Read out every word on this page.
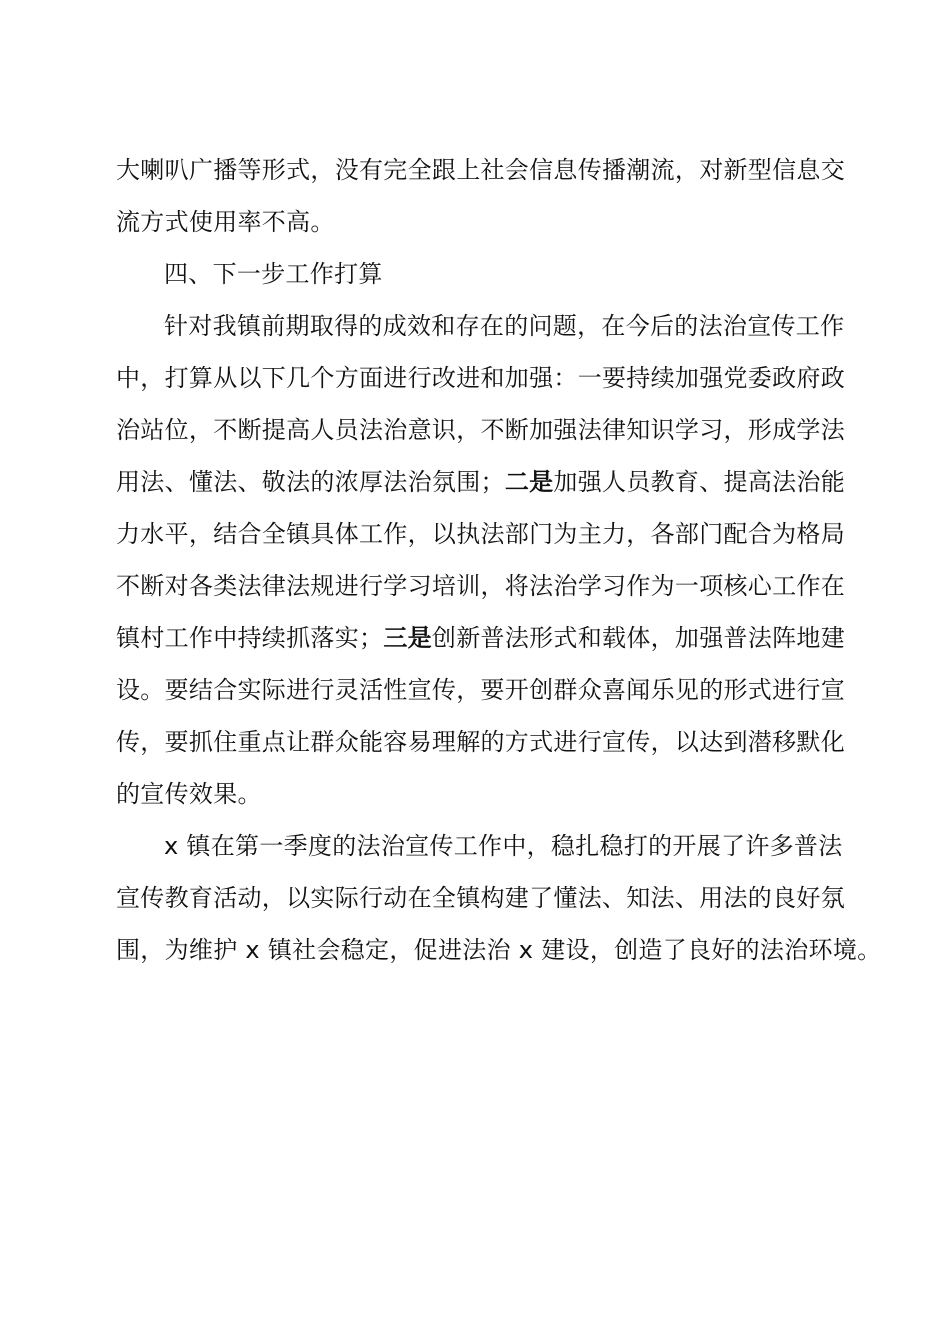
大喇叭广播等形式，没有完全跟上社会信息传播潮流，对新型信息交
流方式使用率不高。
四、下一步工作打算
针对我镇前期取得的成效和存在的问题，在今后的法治宣传工作
中，打算从以下几个方面进行改进和加强：一要持续加强党委政府政
治站位，不断提高人员法治意识，不断加强法律知识学习，形成学法
用法、懂法、敬法的浓厚法治氛围；二是加强人员教育、提高法治能
力水平，结合全镇具体工作，以执法部门为主力，各部门配合为格局
不断对各类法律法规进行学习培训，将法治学习作为一项核心工作在
镇村工作中持续抓落实；三是创新普法形式和载体，加强普法阵地建
设。要结合实际进行灵活性宣传，要开创群众喜闻乐见的形式进行宣
传，要抓住重点让群众能容易理解的方式进行宣传，以达到潜移默化
的宣传效果。
x 镇在第一季度的法治宣传工作中，稳扎稳打的开展了许多普法
宣传教育活动，以实际行动在全镇构建了懂法、知法、用法的良好氛
围，为维护 x 镇社会稳定，促进法治 x 建设，创造了良好的法治环境。
